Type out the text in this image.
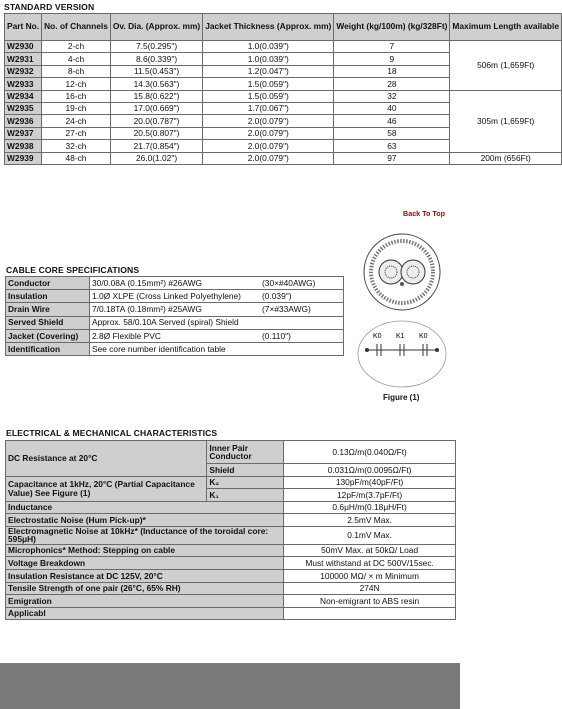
STANDARD VERSION
Part No.	No. of Channels	Ov. Dia. (Approx. mm)	Jacket Thickness (Approx. mm)	Weight (kg/100m) (kg/328Ft)	Maximum Length available
W2930	2-ch	7.5(0.295")	1.0(0.039")	7	506m (1,659Ft)
W2931	4-ch	8.6(0.339")	1.0(0.039")	9	
W2932	8-ch	11.5(0.453")	1.2(0.047")	18	
W2933	12-ch	14.3(0.563")	1.5(0.059")	28	
W2934	16-ch	15.8(0.622")	1.5(0.059")	32	305m (1,659Ft)
W2935	19-ch	17.0(0.669")	1.7(0.067")	40	
W2936	24-ch	20.0(0.787")	2.0(0.079")	46	
W2937	27-ch	20.5(0.807")	2.0(0.079")	58	
W2938	32-ch	21.7(0.854")	2.0(0.079")	63	
W2939	48-ch	26.0(1.02")	2.0(0.079")	97	200m (656Ft)
Back To Top
CABLE CORE SPECIFICATIONS
Conductor	30/0.08A (0.15mm²) #26AWG (30×#40AWG)

Insulation	1.0Ø XLPE (Cross Linked Polyethylene) (0.039")

Drain Wire	7/0.18TA (0.18mm²) #25AWG (7×#33AWG)

Served Shield	Approx. 58/0.10A Served (spiral) Shield

Jacket (Covering)	2.8Ø Flexible PVC (0.110")

Identification	See core number identification table
K0 K1 K0
Figure (1)
ELECTRICAL & MECHANICAL CHARACTERISTICS
DC Resistance at 20°C	Inner Pair Conductor	0.13Ω/m(0.040Ω/Ft)
	Shield	0.031Ω/m(0.0095Ω/Ft)
Capacitance at 1kHz, 20°C (Partial Capacitance Value) See Figure (1)	K₂	130pF/m(40pF/Ft)
	K₁	12pF/m(3.7pF/Ft)
Inductance		0.6μH/m(0.18μH/Ft)
Electrostatic Noise (Hum Pick-up)*		2.5mV Max.
Electromagnetic Noise at 10kHz* (Inductance of the toroidal core: 595μH)		0.1mV Max.
Microphonics* Method: Stepping on cable		50mV Max. at 50kΩ/ Load
Voltage Breakdown		Must withstand at DC 500V/15sec.
Insulation Resistance at DC 125V, 20°C		100000 MΩ/ × m Minimum
Tensile Strength of one pair (26°C, 65% RH)		274N
Emigration		Non-emigrant to ABS resin
Applicabl		
